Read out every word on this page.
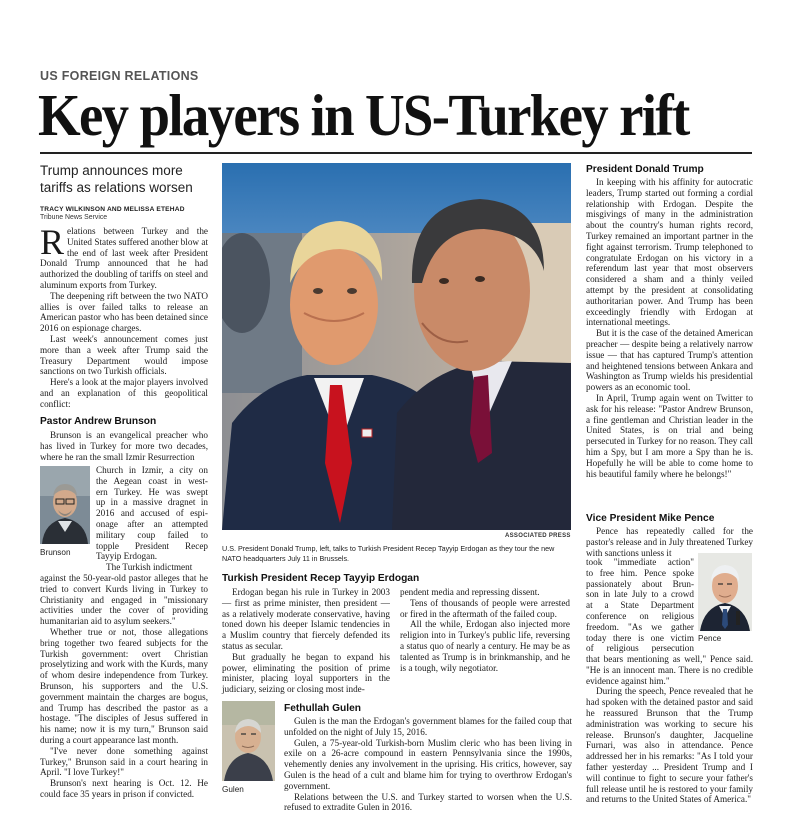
US FOREIGN RELATIONS
Key players in US-Turkey rift
Trump announces more tariffs as relations worsen
TRACY WILKINSON AND MELISSA ETEHAD
Tribune News Service

Relations between Turkey and the United States suffered another blow at the end of last week after President Donald Trump announced that he had authorized the doubling of tariffs on steel and aluminum exports from Turkey.

The deepening rift between the two NATO allies is over failed talks to release an American pastor who has been detained since 2016 on espionage charges.

Last week's announcement comes just more than a week after Trump said the Treasury Department would impose sanctions on two Turkish officials.

Here's a look at the major players involved and an explanation of this geopolitical conflict:

Pastor Andrew Brunson

Brunson is an evangelical preacher who has lived in Turkey for more two decades, where he ran the small Izmir Resurrection

Brunson
Church in Izmir, a city on
the Aegean coast in west-
ern Turkey. He was swept
up in a massive dragnet in
2016 and accused of espi-
onage after an attempted
military coup failed to
topple President Recep
Tayyip Erdogan.
The Turkish indictment

against the 50-year-old pastor alleges that he tried to convert Kurds living in Turkey to Christianity and engaged in "missionary activities under the cover of providing humanitarian aid to asylum seekers."

Whether true or not, those allegations bring together two feared subjects for the Turkish government: overt Christian proselytizing and work with the Kurds, many of whom desire independence from Turkey. Brunson, his supporters and the U.S. government maintain the charges are bogus, and Trump has described the pastor as a hostage. "The disciples of Jesus suffered in his name; now it is my turn," Brunson said during a court appearance last month.

"I've never done something against Turkey," Brunson said in a court hearing in April. "I love Turkey!"

Brunson's next hearing is Oct. 12. He could face 35 years in prison if convicted.

ASSOCIATED PRESS
U.S. President Donald Trump, left, talks to Turkish President Recep Tayyip Erdogan as they tour the new NATO headquarters July 11 in Brussels.
Turkish President Recep Tayyip Erdogan

Erdogan began his rule in Turkey in 2003 — first as prime minister, then president — as a relatively moderate conservative, having toned down his deeper Islamic tendencies in a Muslim country that fiercely defended its status as secular.

But gradually he began to expand his power, eliminating the position of prime minister, placing loyal supporters in the judiciary, seizing or closing most inde-

pendent media and repressing dissent.

Tens of thousands of people were arrested or fired in the aftermath of the failed coup.

All the while, Erdogan also injected more religion into in Turkey's public life, reversing a status quo of nearly a century. He may be as talented as Trump is in brinkmanship, and he is a tough, wily negotiator.

Gulen
Fethullah Gulen

Gulen is the man the Erdogan's government blames for the failed coup that unfolded on the night of July 15, 2016.

Gulen, a 75-year-old Turkish-born Muslim cleric who has been living in exile on a 26-acre compound in eastern Pennsylvania since the 1990s, vehemently denies any involvement in the uprising. His critics, however, say Gulen is the head of a cult and blame him for trying to overthrow Erdogan's government.

Relations between the U.S. and Turkey started to worsen when the U.S. refused to extradite Gulen in 2016.

President Donald Trump

In keeping with his affinity for autocratic leaders, Trump started out forming a cordial relationship with Erdogan. Despite the misgivings of many in the administration about the country's human rights record, Turkey remained an important partner in the fight against terrorism. Trump telephoned to congratulate Erdogan on his victory in a referendum last year that most observers considered a sham and a thinly veiled attempt by the president at consolidating authoritarian power. And Trump has been exceedingly friendly with Erdogan at international meetings.

But it is the case of the detained American preacher — despite being a relatively narrow issue — that has captured Trump's attention and heightened tensions between Ankara and Washington as Trump wields his presidential powers as an economic tool.

In April, Trump again went on Twitter to ask for his release: "Pastor Andrew Brunson, a fine gentleman and Christian leader in the United States, is on trial and being persecuted in Turkey for no reason. They call him a Spy, but I am more a Spy than he is. Hopefully he will be able to come home to his beautiful family where he belongs!"

Vice President Mike Pence

Pence has repeatedly called for the pastor's release and in July threatened Turkey with sanctions unless it

took "immediate action"
to free him. Pence spoke
passionately about Brun-
son in late July to a crowd
at a State Department
conference on religious
freedom. "As we gather
today there is one victim
of religious persecution
Pence

that bears mentioning as well," Pence said. "He is an innocent man. There is no credible evidence against him."

During the speech, Pence revealed that he had spoken with the detained pastor and said he reassured Brunson that the Trump administration was working to secure his release. Brunson's daughter, Jacqueline Furnari, was also in attendance. Pence addressed her in his remarks: "As I told your father yesterday ... President Trump and I will continue to fight to secure your father's full release until he is restored to your family and returns to the United States of America."
